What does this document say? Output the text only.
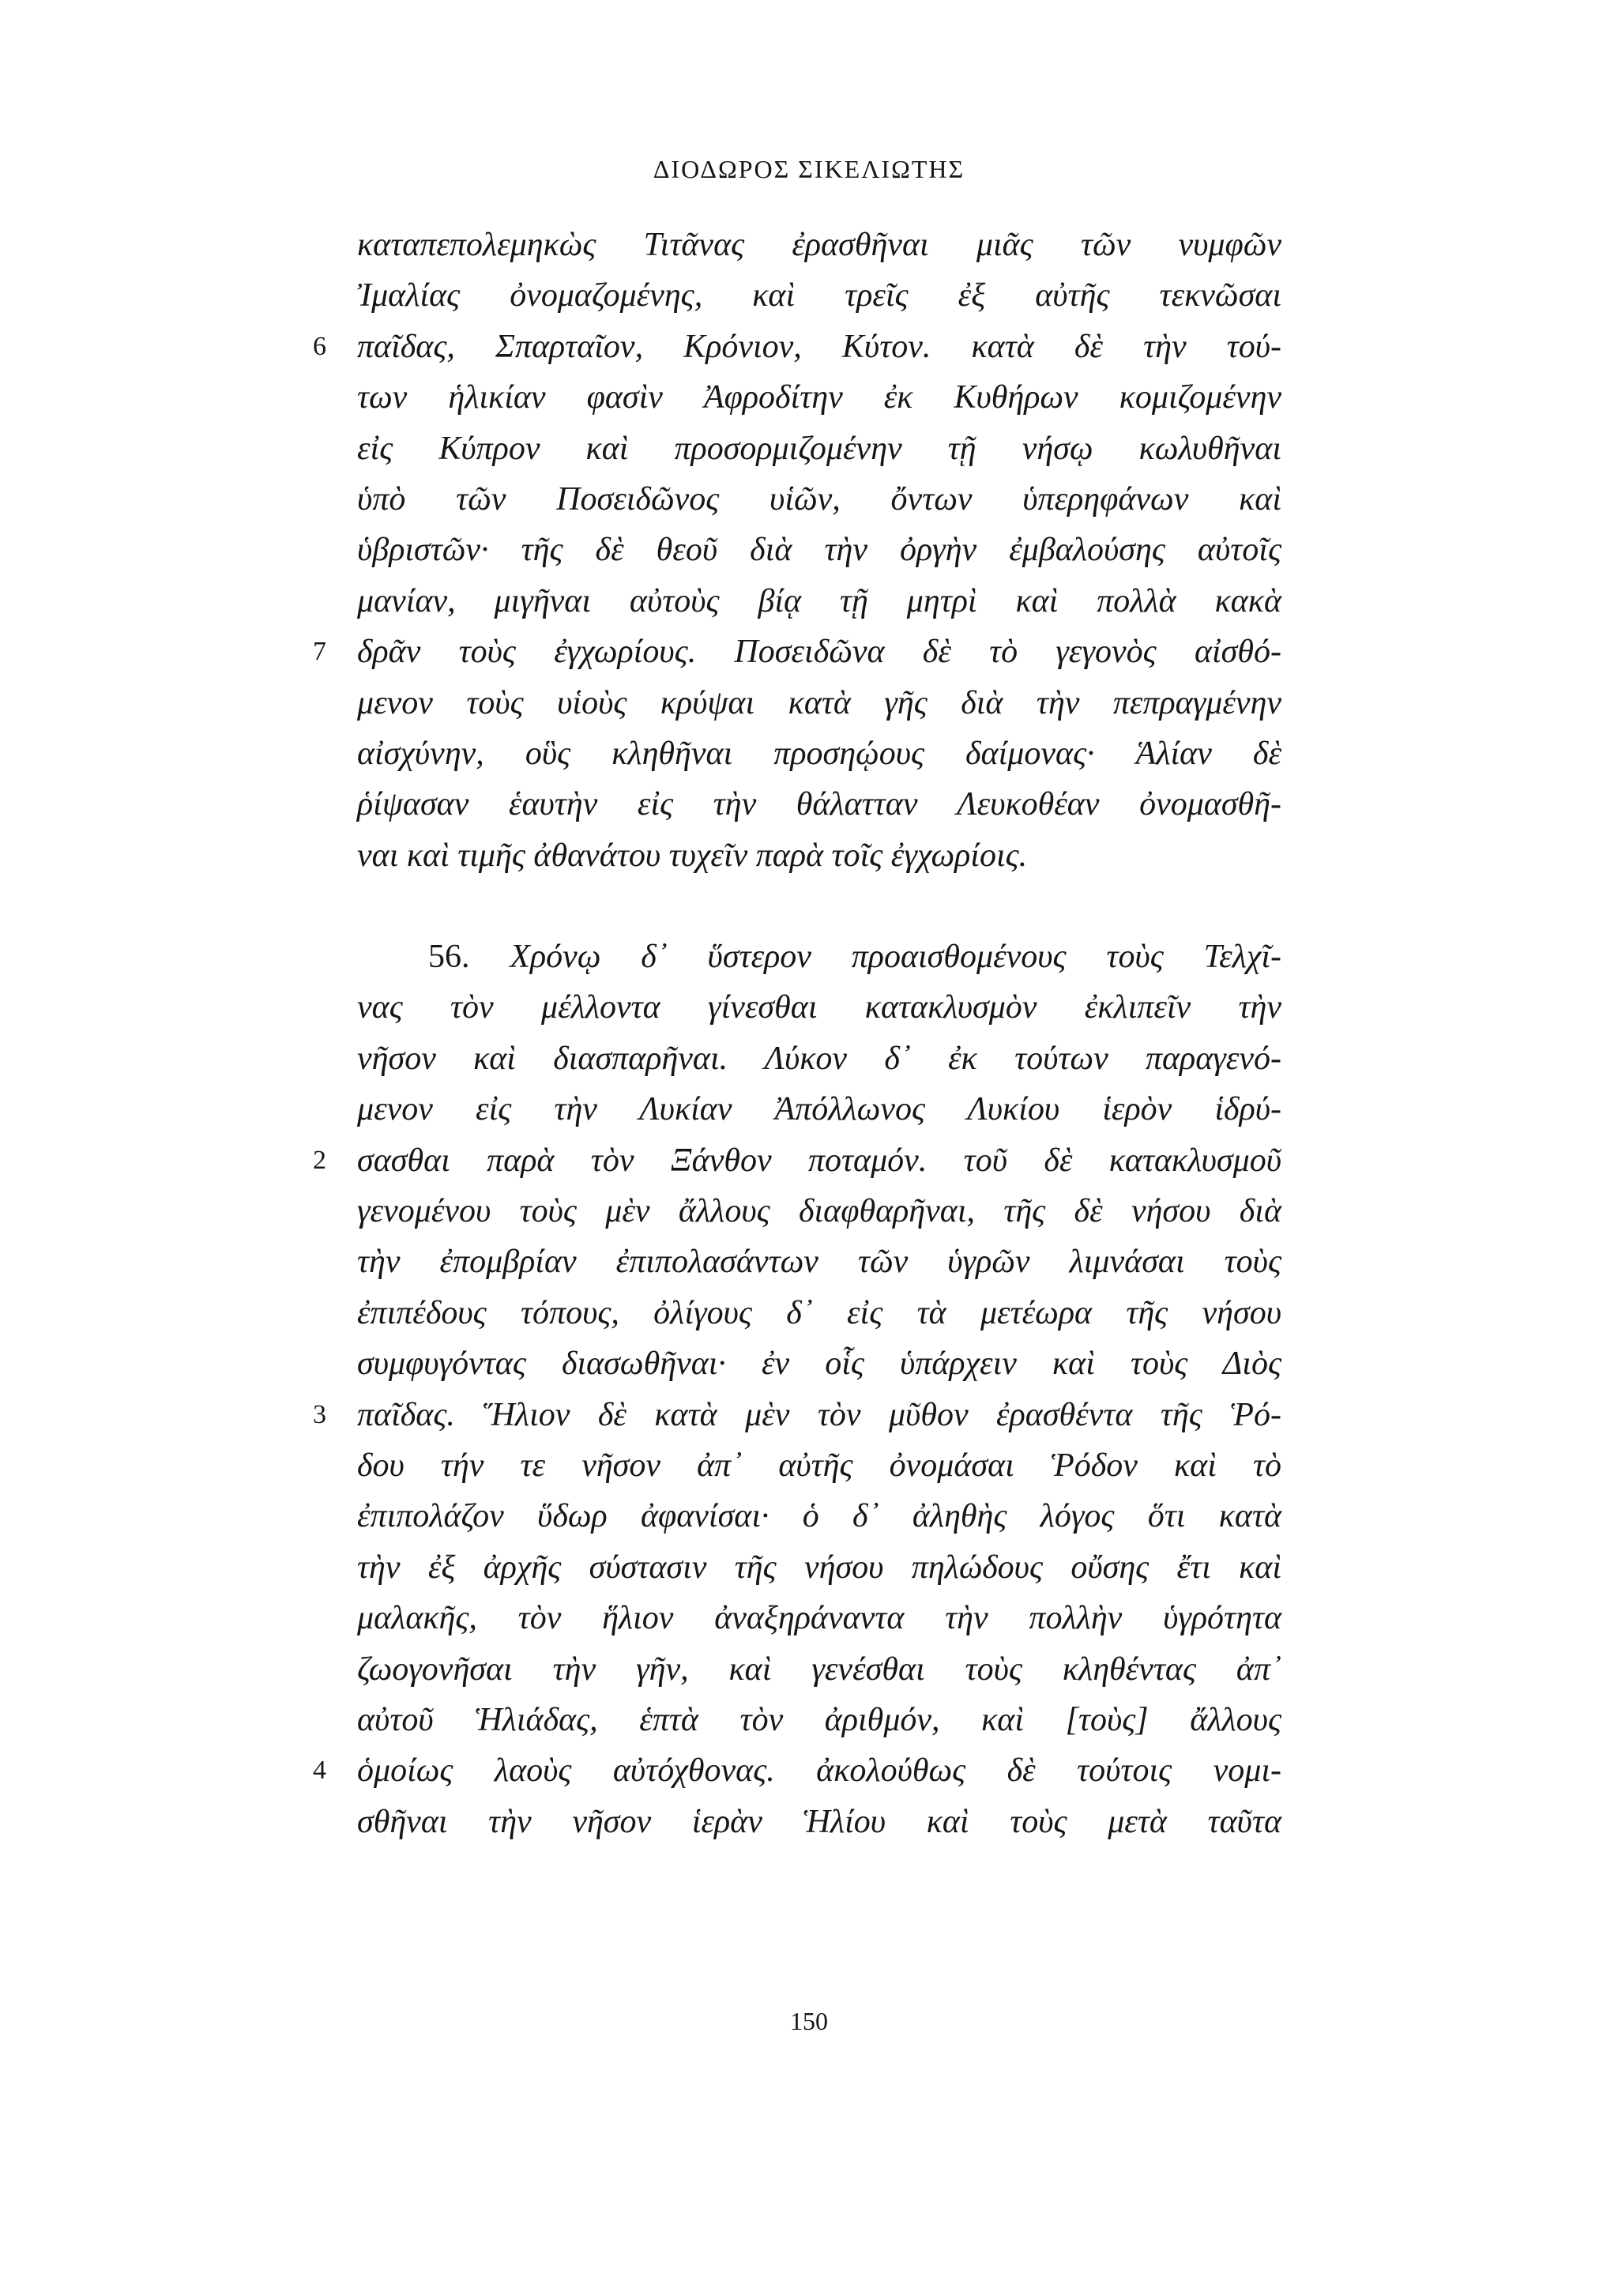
ΔΙΟΔΩΡΟΣ ΣΙΚΕΛΙΩΤΗΣ
καταπεπολεμηκὼς Τιτᾶνας ἐρασθῆναι μιᾶς τῶν νυμφῶν
Ἰμαλίας ὀνομαζομένης, καὶ τρεῖς ἐξ αὐτῆς τεκνῶσαι
6 παῖδας, Σπαρταῖον, Κρόνιον, Κύτον. κατὰ δὲ τὴν τού-
των ἡλικίαν φασὶν Ἀφροδίτην ἐκ Κυθήρων κομιζομένην
εἰς Κύπρον καὶ προσορμιζομένην τῇ νήσῳ κωλυθῆναι
ὑπὸ τῶν Ποσειδῶνος υἱῶν, ὄντων ὑπερηφάνων καὶ
ὑβριστῶν· τῆς δὲ θεοῦ διὰ τὴν ὀργὴν ἐμβαλούσης αὐτοῖς
μανίαν, μιγῆναι αὐτοὺς βίᾳ τῇ μητρὶ καὶ πολλὰ κακὰ
7 δρᾶν τοὺς ἐγχωρίους. Ποσειδῶνα δὲ τὸ γεγονὸς αἰσθό-
μενον τοὺς υἱοὺς κρύψαι κατὰ γῆς διὰ τὴν πεπραγμένην
αἰσχύνην, οὓς κληθῆναι προσηῴους δαίμονας· Ἁλίαν δὲ
ῥίψασαν ἑαυτὴν εἰς τὴν θάλατταν Λευκοθέαν ὀνομασθῆ-
ναι καὶ τιμῆς ἀθανάτου τυχεῖν παρὰ τοῖς ἐγχωρίοις.
56. Χρόνῳ δ᾽ ὕστερον προαισθομένους τοὺς Τελχῖ-
νας τὸν μέλλοντα γίνεσθαι κατακλυσμὸν ἐκλιπεῖν τὴν
νῆσον καὶ διασπαρῆναι. Λύκον δ᾽ ἐκ τούτων παραγενό-
μενον εἰς τὴν Λυκίαν Ἀπόλλωνος Λυκίου ἱερὸν ἱδρύ-
2 σασθαι παρὰ τὸν Ξάνθον ποταμόν. τοῦ δὲ κατακλυσμοῦ
γενομένου τοὺς μὲν ἄλλους διαφθαρῆναι, τῆς δὲ νήσου διὰ
τὴν ἐπομβρίαν ἐπιπολασάντων τῶν ὑγρῶν λιμνάσαι τοὺς
ἐπιπέδους τόπους, ὀλίγους δ᾽ εἰς τὰ μετέωρα τῆς νήσου
συμφυγόντας διασωθῆναι· ἐν οἷς ὑπάρχειν καὶ τοὺς Διὸς
3 παῖδας. Ἥλιον δὲ κατὰ μὲν τὸν μῦθον ἐρασθέντα τῆς Ῥό-
δου τήν τε νῆσον ἀπ᾽ αὐτῆς ὀνομάσαι Ῥόδον καὶ τὸ
ἐπιπολάζον ὕδωρ ἀφανίσαι· ὁ δ᾽ ἀληθὴς λόγος ὅτι κατὰ
τὴν ἐξ ἀρχῆς σύστασιν τῆς νήσου πηλώδους οὔσης ἔτι καὶ
μαλακῆς, τὸν ἥλιον ἀναξηράναντα τὴν πολλὴν ὑγρότητα
ζωογονῆσαι τὴν γῆν, καὶ γενέσθαι τοὺς κληθέντας ἀπ᾽
αὐτοῦ Ἡλιάδας, ἑπτὰ τὸν ἀριθμόν, καὶ [τοὺς] ἄλλους
4 ὁμοίως λαοὺς αὐτόχθονας. ἀκολούθως δὲ τούτοις νομι-
σθῆναι τὴν νῆσον ἱερὰν Ἡλίου καὶ τοὺς μετὰ ταῦτα
150
